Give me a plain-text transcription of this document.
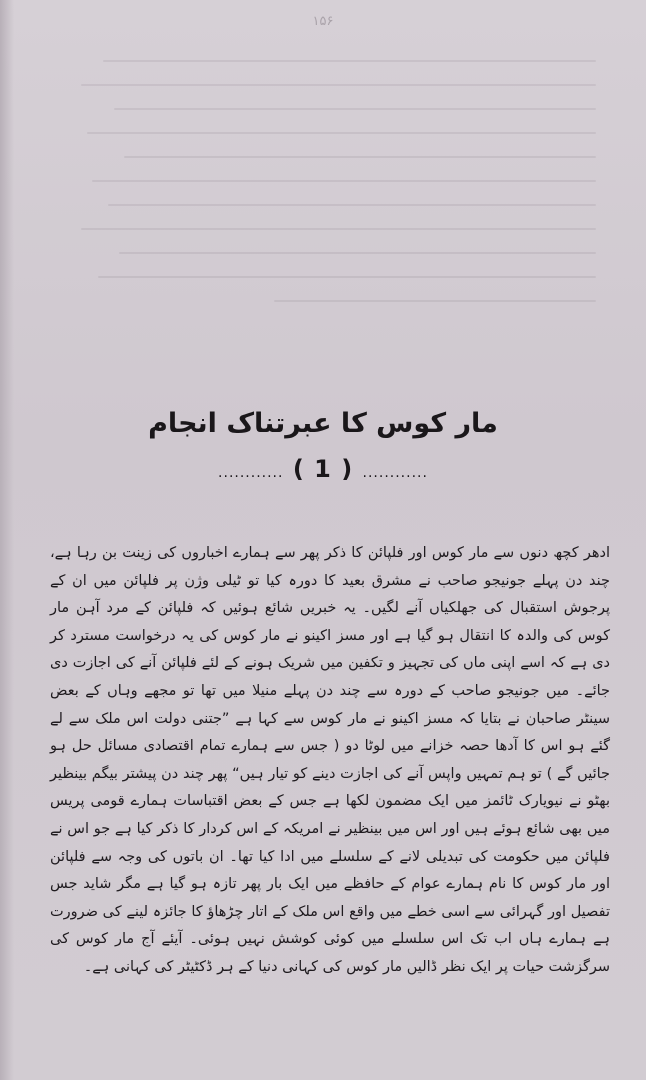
۱۵۶
مار کوس کا عبرتناک انجام
............ ( 1 ) ............

ادھر کچھ دنوں سے مار کوس اور فلپائن کا ذکر پھر سے ہمارے اخباروں کی زینت بن رہا ہے، چند دن پہلے جونیجو صاحب نے مشرق بعید کا دورہ کیا تو ٹیلی وژن پر فلپائن میں ان کے پرجوش استقبال کی جھلکیاں آنے لگیں۔ یہ خبریں شائع ہوئیں کہ فلپائن کے مرد آہن مار کوس کی والدہ کا انتقال ہو گیا ہے اور مسز اکینو نے مار کوس کی یہ درخواست مسترد کر دی ہے کہ اسے اپنی ماں کی تجہیز و تکفین میں شریک ہونے کے لئے فلپائن آنے کی اجازت دی جائے۔ میں جونیجو صاحب کے دورہ سے چند دن پہلے منیلا میں تھا تو مجھے وہاں کے بعض سینٹر صاحبان نے بتایا کہ مسز اکینو نے مار کوس سے کہا ہے ”جتنی دولت اس ملک سے لے گئے ہو اس کا آدھا حصہ خزانے میں لوٹا دو ( جس سے ہمارے تمام اقتصادی مسائل حل ہو جائیں گے ) تو ہم تمہیں واپس آنے کی اجازت دینے کو تیار ہیں“ پھر چند دن پیشتر بیگم بینظیر بھٹو نے نیویارک ٹائمز میں ایک مضمون لکھا ہے جس کے بعض اقتباسات ہمارے قومی پریس میں بھی شائع ہوئے ہیں اور اس میں بینظیر نے امریکہ کے اس کردار کا ذکر کیا ہے جو اس نے فلپائن میں حکومت کی تبدیلی لانے کے سلسلے میں ادا کیا تھا۔ ان باتوں کی وجہ سے فلپائن اور مار کوس کا نام ہمارے عوام کے حافظے میں ایک بار پھر تازہ ہو گیا ہے مگر شاید جس تفصیل اور گہرائی سے اسی خطے میں واقع اس ملک کے اتار چڑھاؤ کا جائزہ لینے کی ضرورت ہے ہمارے ہاں اب تک اس سلسلے میں کوئی کوشش نہیں ہوئی۔ آیئے آج مار کوس کی سرگزشت حیات پر ایک نظر ڈالیں مار کوس کی کہانی دنیا کے ہر ڈکٹیٹر کی کہانی ہے۔
